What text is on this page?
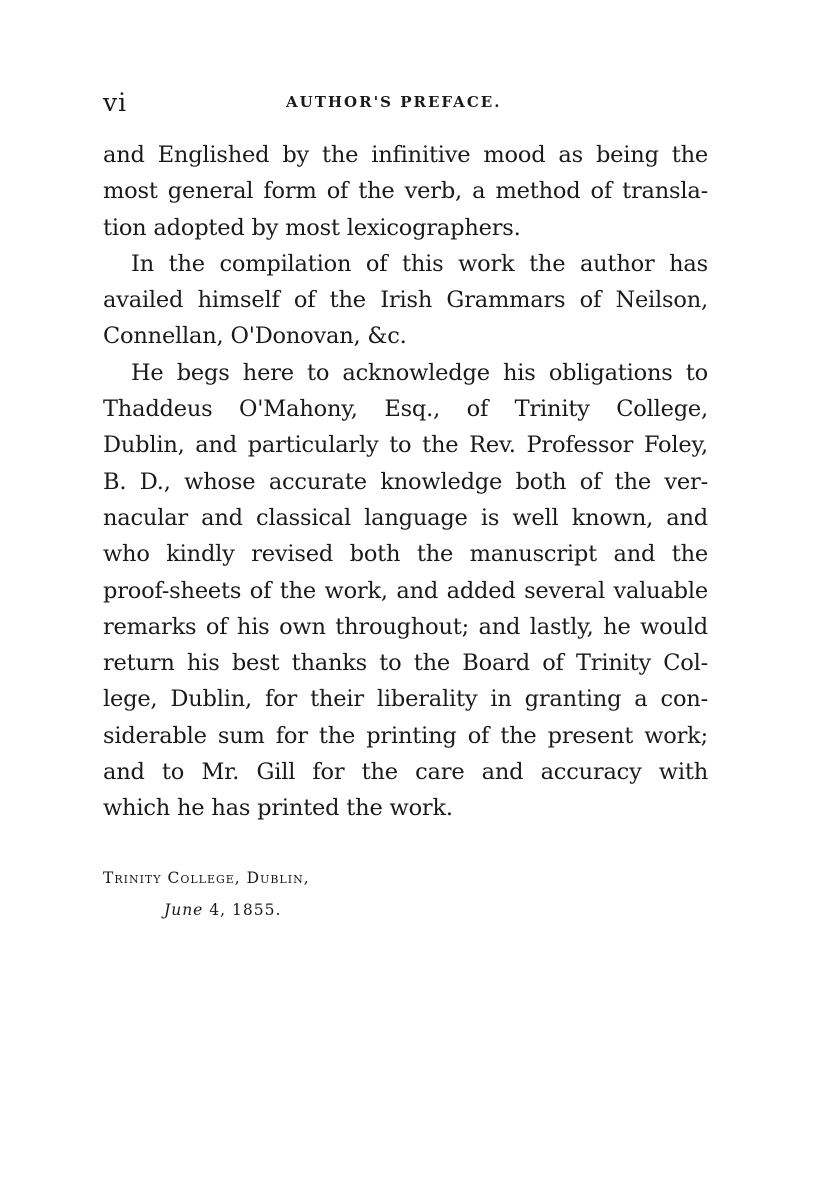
vi	AUTHOR'S PREFACE.
and Englished by the infinitive mood as being the
most general form of the verb, a method of transla-
tion adopted by most lexicographers.
In the compilation of this work the author has
availed himself of the Irish Grammars of Neilson,
Connellan, O'Donovan, &c.
He begs here to acknowledge his obligations to
Thaddeus O'Mahony, Esq., of Trinity College,
Dublin, and particularly to the Rev. Professor Foley,
B. D., whose accurate knowledge both of the ver-
nacular and classical language is well known, and
who kindly revised both the manuscript and the
proof-sheets of the work, and added several valuable
remarks of his own throughout; and lastly, he would
return his best thanks to the Board of Trinity Col-
lege, Dublin, for their liberality in granting a con-
siderable sum for the printing of the present work;
and to Mr. Gill for the care and accuracy with
which he has printed the work.
Trinity College, Dublin,
June 4, 1855.
